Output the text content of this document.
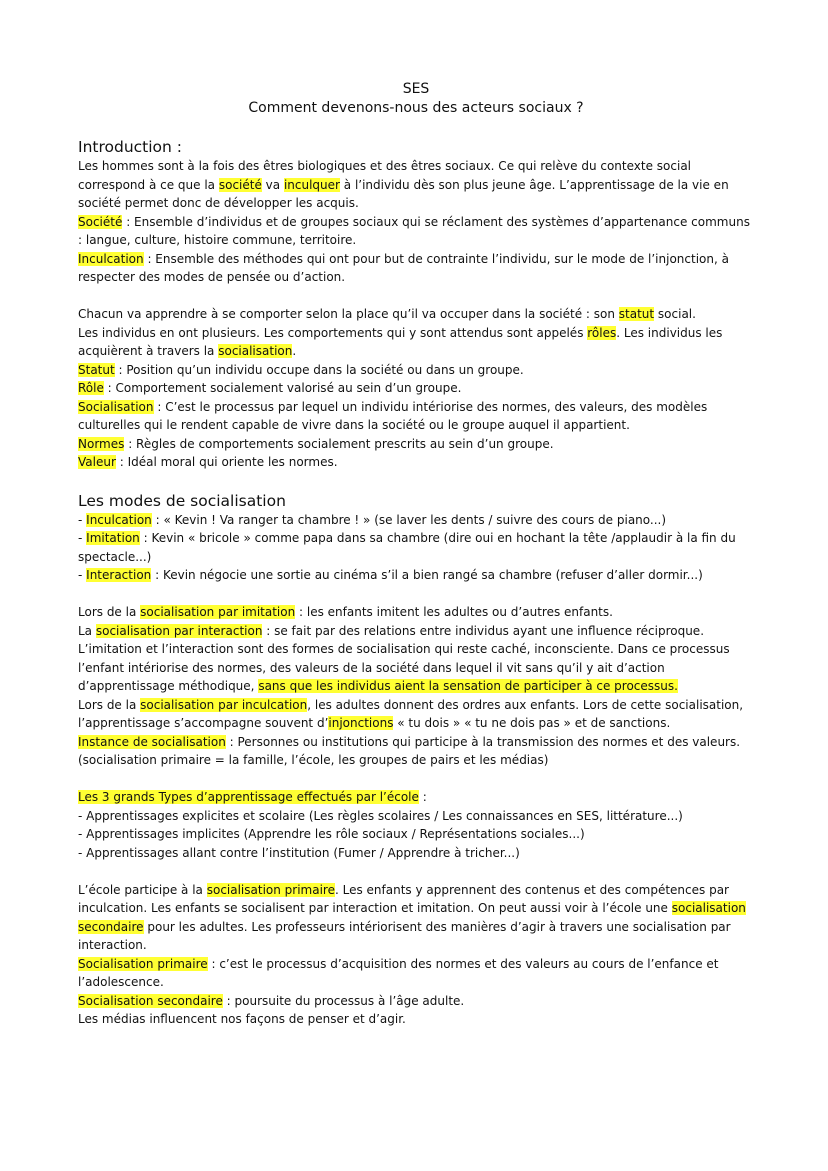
SES
Comment devenons-nous des acteurs sociaux ?
Introduction :

Les hommes sont à la fois des êtres biologiques et des êtres sociaux. Ce qui relève du contexte social correspond à ce que la société va inculquer à l’individu dès son plus jeune âge. L’apprentissage de la vie en société permet donc de développer les acquis.

Société : Ensemble d’individus et de groupes sociaux qui se réclament des systèmes d’appartenance communs : langue, culture, histoire commune, territoire.

Inculcation : Ensemble des méthodes qui ont pour but de contrainte l’individu, sur le mode de l’injonction, à respecter des modes de pensée ou d’action.

Chacun va apprendre à se comporter selon la place qu’il va occuper dans la société : son statut social.

Les individus en ont plusieurs. Les comportements qui y sont attendus sont appelés rôles. Les individus les acquièrent à travers la socialisation.

Statut : Position qu’un individu occupe dans la société ou dans un groupe.

Rôle : Comportement socialement valorisé au sein d’un groupe.

Socialisation : C’est le processus par lequel un individu intériorise des normes, des valeurs, des modèles culturelles qui le rendent capable de vivre dans la société ou le groupe auquel il appartient.

Normes : Règles de comportements socialement prescrits au sein d’un groupe.

Valeur : Idéal moral qui oriente les normes.

Les modes de socialisation

- Inculcation : « Kevin ! Va ranger ta chambre ! » (se laver les dents / suivre des cours de piano...)

- Imitation : Kevin « bricole » comme papa dans sa chambre (dire oui en hochant la tête /applaudir à la fin du spectacle...)

- Interaction : Kevin négocie une sortie au cinéma s’il a bien rangé sa chambre (refuser d’aller dormir...)

Lors de la socialisation par imitation : les enfants imitent les adultes ou d’autres enfants.

La socialisation par interaction : se fait par des relations entre individus ayant une influence réciproque.

L’imitation et l’interaction sont des formes de socialisation qui reste caché, inconsciente. Dans ce processus l’enfant intériorise des normes, des valeurs de la société dans lequel il vit sans qu’il y ait d’action d’apprentissage méthodique, sans que les individus aient la sensation de participer à ce processus.

Lors de la socialisation par inculcation, les adultes donnent des ordres aux enfants. Lors de cette socialisation, l’apprentissage s’accompagne souvent d’injonctions « tu dois » « tu ne dois pas » et de sanctions.

Instance de socialisation : Personnes ou institutions qui participe à la transmission des normes et des valeurs. (socialisation primaire = la famille, l’école, les groupes de pairs et les médias)

Les 3 grands Types d’apprentissage effectués par l’école :

- Apprentissages explicites et scolaire (Les règles scolaires / Les connaissances en SES, littérature...)

- Apprentissages implicites (Apprendre les rôle sociaux / Représentations sociales...)

- Apprentissages allant contre l’institution (Fumer / Apprendre à tricher...)

L’école participe à la socialisation primaire. Les enfants y apprennent des contenus et des compétences par inculcation. Les enfants se socialisent par interaction et imitation. On peut aussi voir à l’école une socialisation secondaire pour les adultes. Les professeurs intériorisent des manières d’agir à travers une socialisation par interaction.

Socialisation primaire : c’est le processus d’acquisition des normes et des valeurs au cours de l’enfance et l’adolescence.

Socialisation secondaire : poursuite du processus à l’âge adulte.

Les médias influencent nos façons de penser et d’agir.
